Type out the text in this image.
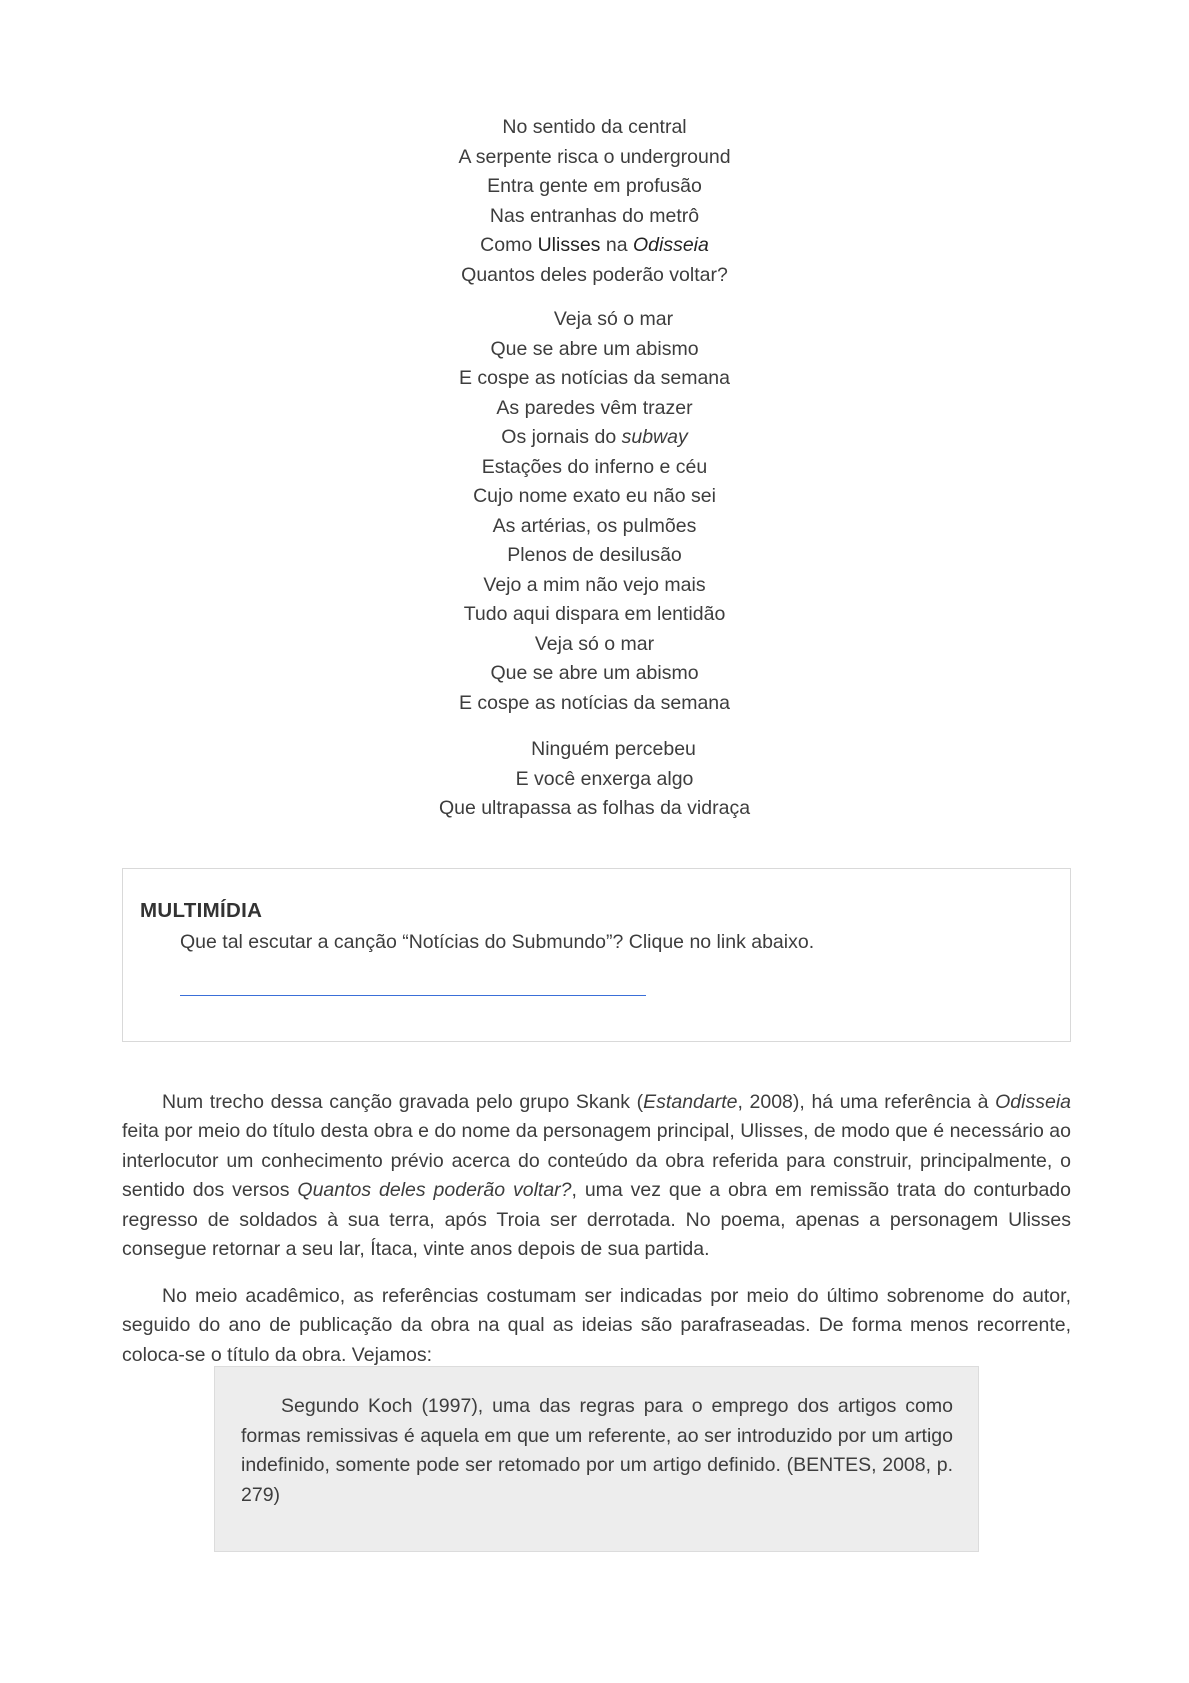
No sentido da central
A serpente risca o underground
Entra gente em profusão
Nas entranhas do metrô
Como Ulisses na Odisseia
Quantos deles poderão voltar?
Veja só o mar
Que se abre um abismo
E cospe as notícias da semana
As paredes vêm trazer
Os jornais do subway
Estações do inferno e céu
Cujo nome exato eu não sei
As artérias, os pulmões
Plenos de desilusão
Vejo a mim não vejo mais
Tudo aqui dispara em lentidão
Veja só o mar
Que se abre um abismo
E cospe as notícias da semana
Ninguém percebeu
E você enxerga algo
Que ultrapassa as folhas da vidraça
MULTIMÍDIA
Que tal escutar a canção “Notícias do Submundo”? Clique no link abaixo.

Num trecho dessa canção gravada pelo grupo Skank (Estandarte, 2008), há uma referência à Odisseia feita por meio do título desta obra e do nome da personagem principal, Ulisses, de modo que é necessário ao interlocutor um conhecimento prévio acerca do conteúdo da obra referida para construir, principalmente, o sentido dos versos Quantos deles poderão voltar?, uma vez que a obra em remissão trata do conturbado regresso de soldados à sua terra, após Troia ser derrotada. No poema, apenas a personagem Ulisses consegue retornar a seu lar, Ítaca, vinte anos depois de sua partida.

No meio acadêmico, as referências costumam ser indicadas por meio do último sobrenome do autor, seguido do ano de publicação da obra na qual as ideias são parafraseadas. De forma menos recorrente, coloca-se o título da obra. Vejamos:

Segundo Koch (1997), uma das regras para o emprego dos artigos como formas remissivas é aquela em que um referente, ao ser introduzido por um artigo indefinido, somente pode ser retomado por um artigo definido. (BENTES, 2008, p. 279)
